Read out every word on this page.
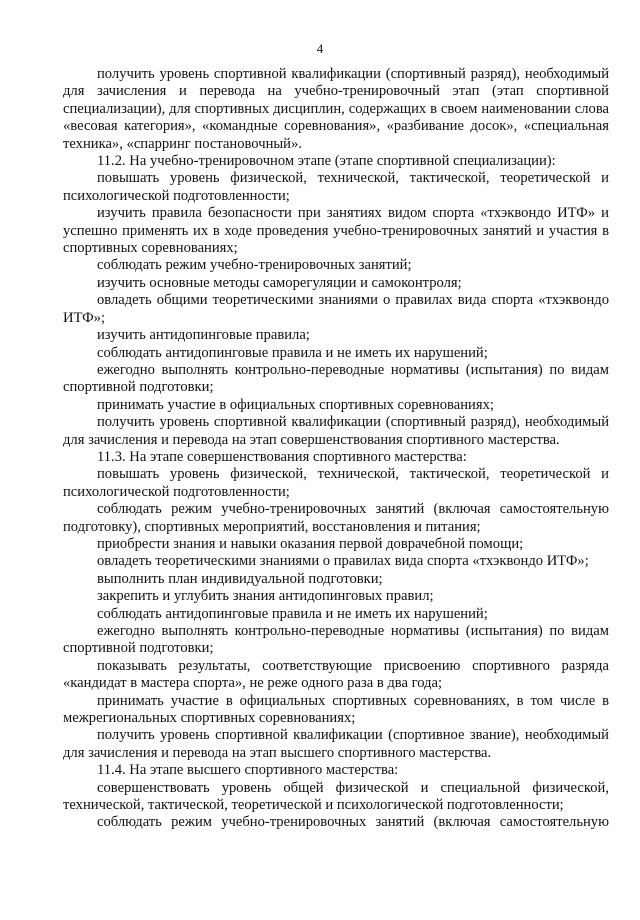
4

получить уровень спортивной квалификации (спортивный разряд), необходимый для зачисления и перевода на учебно-тренировочный этап (этап спортивной специализации), для спортивных дисциплин, содержащих в своем наименовании слова «весовая категория», «командные соревнования», «разбивание досок», «специальная техника», «спарринг постановочный».

11.2. На учебно-тренировочном этапе (этапе спортивной специализации):

повышать уровень физической, технической, тактической, теоретической и психологической подготовленности;

изучить правила безопасности при занятиях видом спорта «тхэквондо ИТФ» и успешно применять их в ходе проведения учебно-тренировочных занятий и участия в спортивных соревнованиях;

соблюдать режим учебно-тренировочных занятий;

изучить основные методы саморегуляции и самоконтроля;

овладеть общими теоретическими знаниями о правилах вида спорта «тхэквондо ИТФ»;

изучить антидопинговые правила;

соблюдать антидопинговые правила и не иметь их нарушений;

ежегодно выполнять контрольно-переводные нормативы (испытания) по видам спортивной подготовки;

принимать участие в официальных спортивных соревнованиях;

получить уровень спортивной квалификации (спортивный разряд), необходимый для зачисления и перевода на этап совершенствования спортивного мастерства.

11.3. На этапе совершенствования спортивного мастерства:

повышать уровень физической, технической, тактической, теоретической и психологической подготовленности;

соблюдать режим учебно-тренировочных занятий (включая самостоятельную подготовку), спортивных мероприятий, восстановления и питания;

приобрести знания и навыки оказания первой доврачебной помощи;

овладеть теоретическими знаниями о правилах вида спорта «тхэквондо ИТФ»;

выполнить план индивидуальной подготовки;

закрепить и углубить знания антидопинговых правил;

соблюдать антидопинговые правила и не иметь их нарушений;

ежегодно выполнять контрольно-переводные нормативы (испытания) по видам спортивной подготовки;

показывать результаты, соответствующие присвоению спортивного разряда «кандидат в мастера спорта», не реже одного раза в два года;

принимать участие в официальных спортивных соревнованиях, в том числе в межрегиональных спортивных соревнованиях;

получить уровень спортивной квалификации (спортивное звание), необходимый для зачисления и перевода на этап высшего спортивного мастерства.

11.4. На этапе высшего спортивного мастерства:

совершенствовать уровень общей физической и специальной физической, технической, тактической, теоретической и психологической подготовленности;

соблюдать режим учебно-тренировочных занятий (включая самостоятельную
